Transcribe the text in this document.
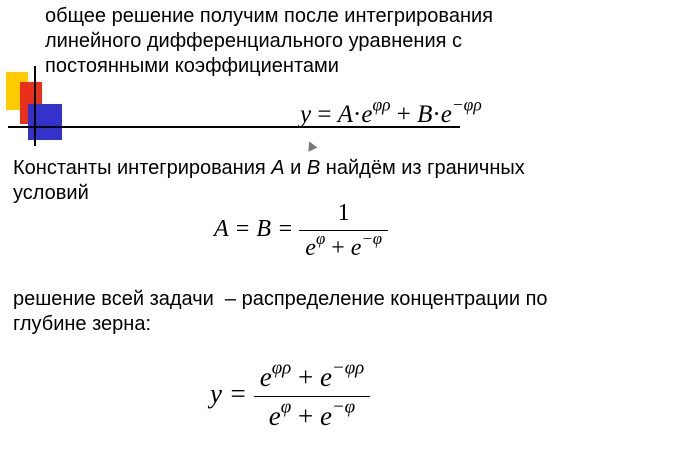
общее решение получим после интегрирования
линейного дифференциального уравнения с
постоянными коэффициентами
$y = A\cdot e^{\varphi\rho} + B\cdot e^{-\varphi\rho}$
Константы интегрирования A и B найдём из граничных
условий
$A = B = \frac{1}{e^\varphi + e^{-\varphi}}$
решение всей задачи  – распределение концентрации по
глубине зерна:
$y = \frac{e^{\varphi\rho} + e^{-\varphi\rho}}{e^\varphi + e^{-\varphi}}$
